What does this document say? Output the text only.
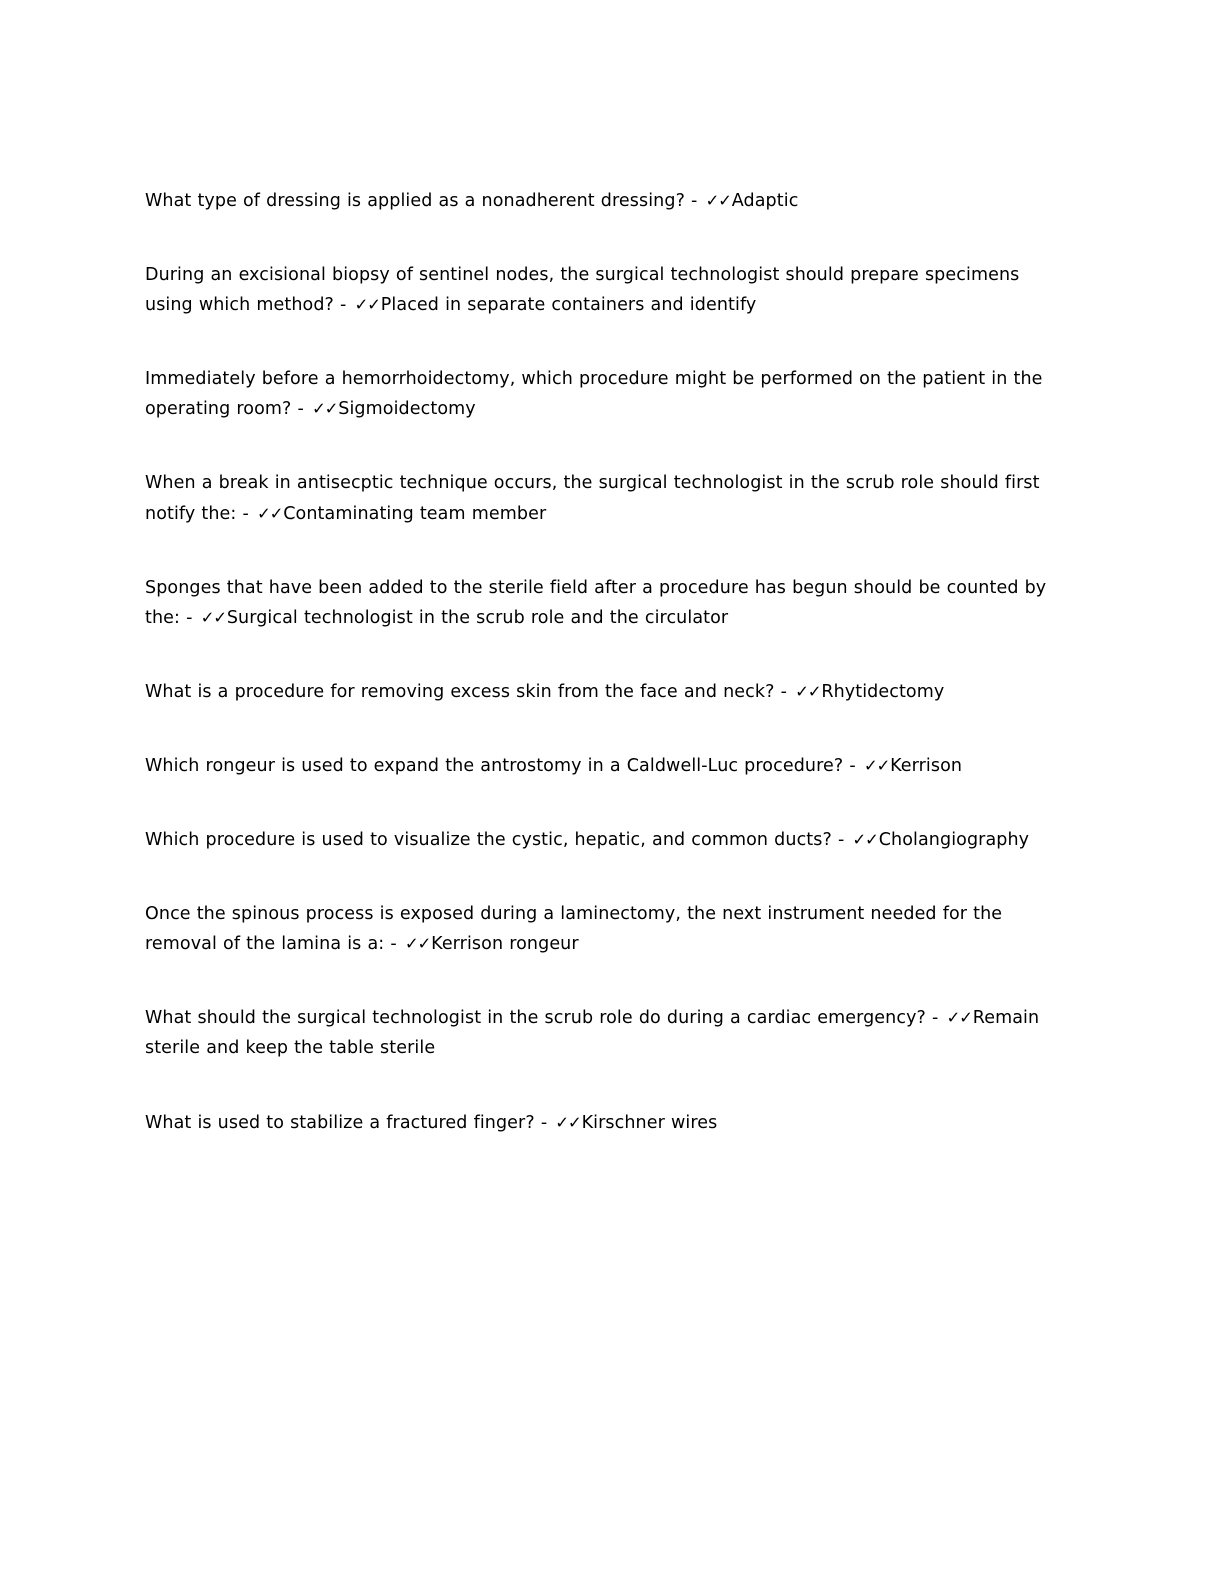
What type of dressing is applied as a nonadherent dressing? - ✓✓Adaptic

During an excisional biopsy of sentinel nodes, the surgical technologist should prepare specimens using which method? - ✓✓Placed in separate containers and identify

Immediately before a hemorrhoidectomy, which procedure might be performed on the patient in the operating room? - ✓✓Sigmoidectomy

When a break in antisecptic technique occurs, the surgical technologist in the scrub role should first notify the: - ✓✓Contaminating team member

Sponges that have been added to the sterile field after a procedure has begun should be counted by the: - ✓✓Surgical technologist in the scrub role and the circulator

What is a procedure for removing excess skin from the face and neck? - ✓✓Rhytidectomy

Which rongeur is used to expand the antrostomy in a Caldwell-Luc procedure? - ✓✓Kerrison

Which procedure is used to visualize the cystic, hepatic, and common ducts? - ✓✓Cholangiography

Once the spinous process is exposed during a laminectomy, the next instrument needed for the removal of the lamina is a: - ✓✓Kerrison rongeur

What should the surgical technologist in the scrub role do during a cardiac emergency? - ✓✓Remain sterile and keep the table sterile

What is used to stabilize a fractured finger? - ✓✓Kirschner wires
